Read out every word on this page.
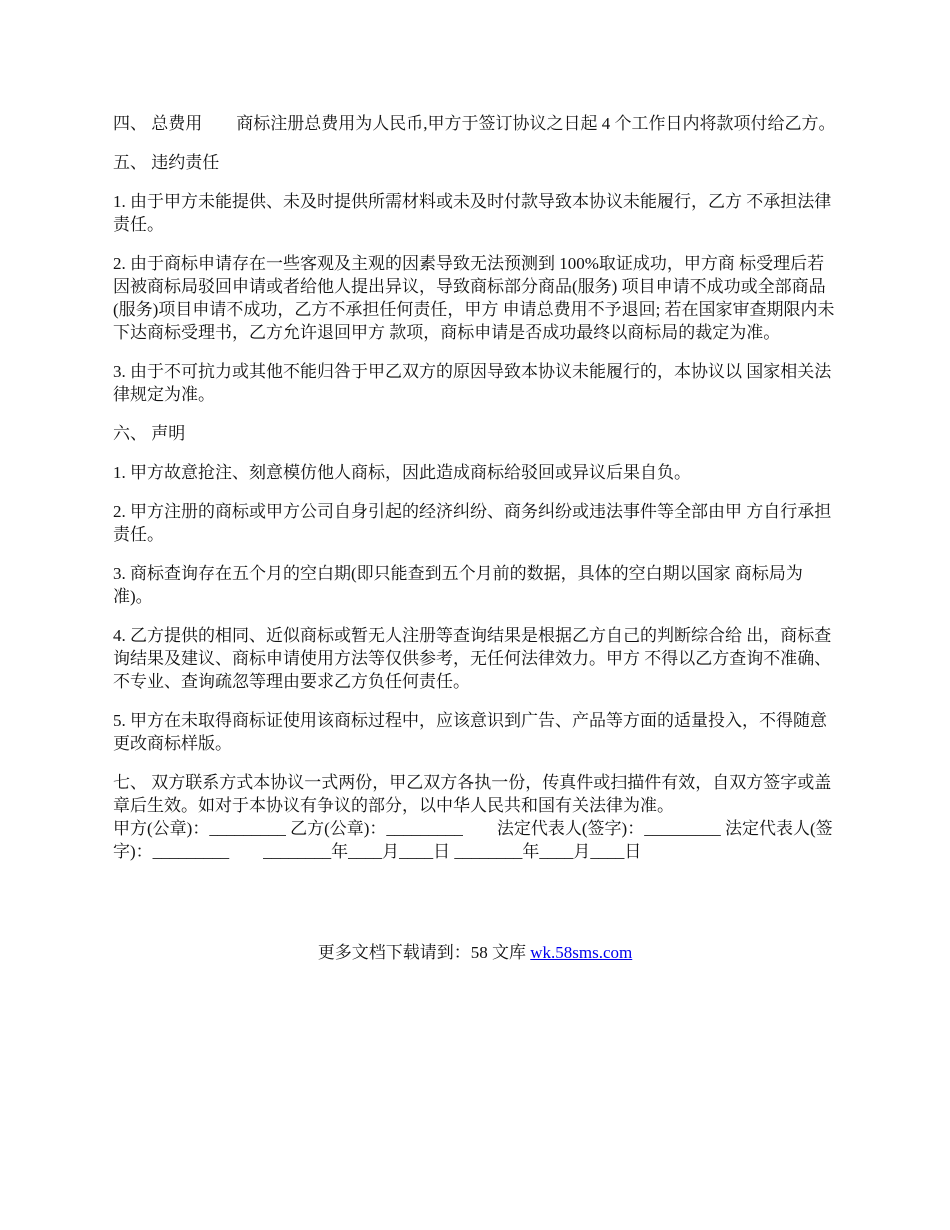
四、 总费用　　商标注册总费用为人民币,甲方于签订协议之日起 4 个工作日内将款项付给乙方。

五、 违约责任

1. 由于甲方未能提供、未及时提供所需材料或未及时付款导致本协议未能履行，乙方 不承担法律责任。

2. 由于商标申请存在一些客观及主观的因素导致无法预测到 100%取证成功，甲方商 标受理后若因被商标局驳回申请或者给他人提出异议，导致商标部分商品(服务) 项目申请不成功或全部商品(服务)项目申请不成功，乙方不承担任何责任，甲方 申请总费用不予退回; 若在国家审查期限内未下达商标受理书，乙方允许退回甲方 款项，商标申请是否成功最终以商标局的裁定为准。

3. 由于不可抗力或其他不能归咎于甲乙双方的原因导致本协议未能履行的，本协议以 国家相关法律规定为准。

六、 声明

1. 甲方故意抢注、刻意模仿他人商标，因此造成商标给驳回或异议后果自负。

2. 甲方注册的商标或甲方公司自身引起的经济纠纷、商务纠纷或违法事件等全部由甲 方自行承担责任。

3. 商标查询存在五个月的空白期(即只能查到五个月前的数据，具体的空白期以国家 商标局为准)。

4. 乙方提供的相同、近似商标或暂无人注册等查询结果是根据乙方自己的判断综合给 出，商标查询结果及建议、商标申请使用方法等仅供参考，无任何法律效力。甲方 不得以乙方查询不准确、不专业、查询疏忽等理由要求乙方负任何责任。

5. 甲方在未取得商标证使用该商标过程中，应该意识到广告、产品等方面的适量投入，不得随意更改商标样版。

七、 双方联系方式本协议一式两份，甲乙双方各执一份，传真件或扫描件有效，自双方签字或盖章后生效。如对于本协议有争议的部分，以中华人民共和国有关法律为准。

甲方(公章)：_________ 乙方(公章)：_________　　法定代表人(签字)：_________ 法定代表人(签字)：_________　　________年____月____日 ________年____月____日

更多文档下载请到：58 文库 wk.58sms.com
